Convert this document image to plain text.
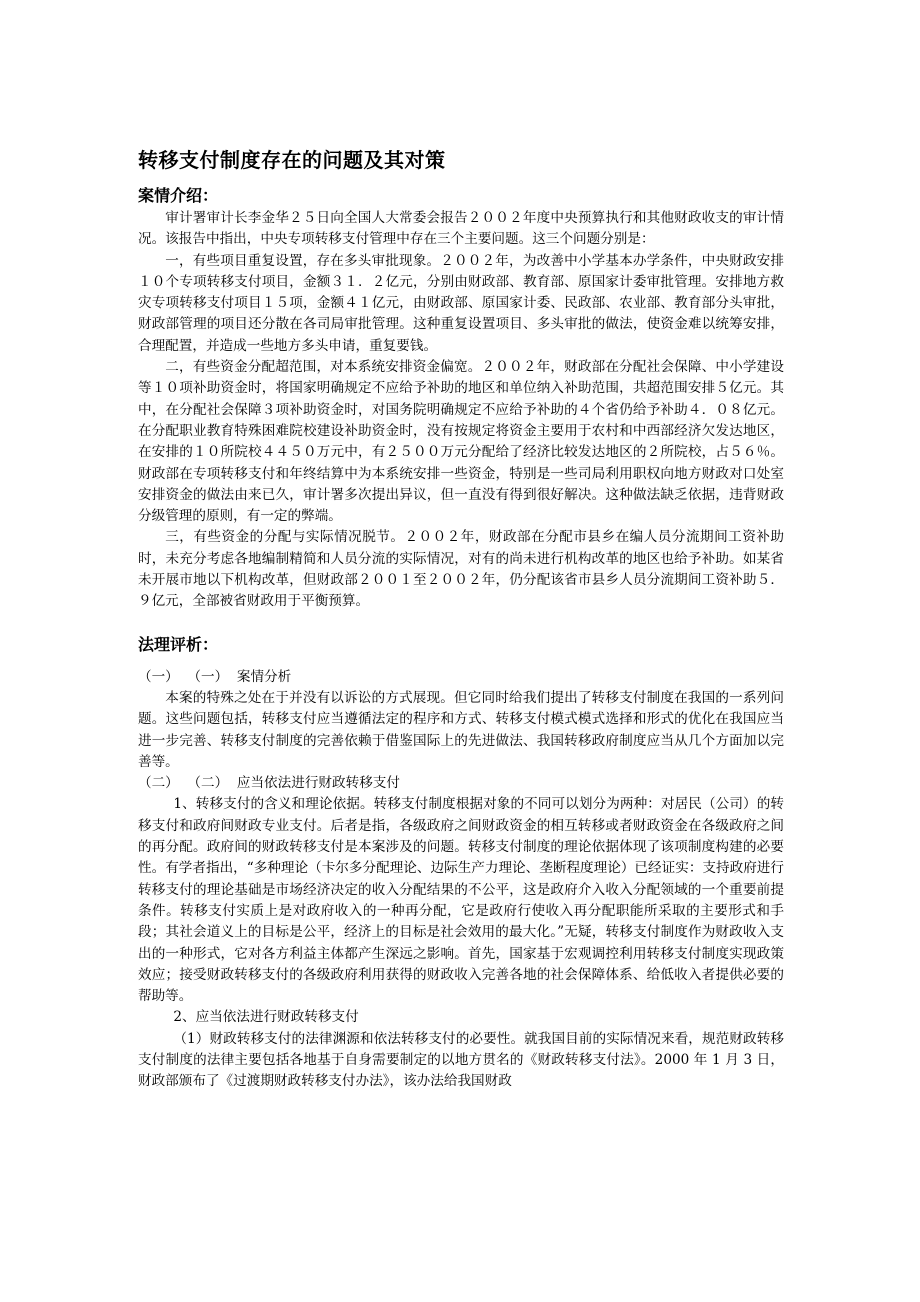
转移支付制度存在的问题及其对策
案情介绍：

审计署审计长李金华２５日向全国人大常委会报告２００２年度中央预算执行和其他财政收支的审计情况。该报告中指出，中央专项转移支付管理中存在三个主要问题。这三个问题分别是：

一，有些项目重复设置，存在多头审批现象。２００２年，为改善中小学基本办学条件，中央财政安排１０个专项转移支付项目，金额３１．２亿元，分别由财政部、教育部、原国家计委审批管理。安排地方救灾专项转移支付项目１５项，金额４１亿元，由财政部、原国家计委、民政部、农业部、教育部分头审批，财政部管理的项目还分散在各司局审批管理。这种重复设置项目、多头审批的做法，使资金难以统筹安排，合理配置，并造成一些地方多头申请，重复要钱。

二，有些资金分配超范围，对本系统安排资金偏宽。２００２年，财政部在分配社会保障、中小学建设等１０项补助资金时，将国家明确规定不应给予补助的地区和单位纳入补助范围，共超范围安排５亿元。其中，在分配社会保障３项补助资金时，对国务院明确规定不应给予补助的４个省仍给予补助４．０８亿元。在分配职业教育特殊困难院校建设补助资金时，没有按规定将资金主要用于农村和中西部经济欠发达地区，在安排的１０所院校４４５０万元中，有２５００万元分配给了经济比较发达地区的２所院校，占５６％。 财政部在专项转移支付和年终结算中为本系统安排一些资金，特别是一些司局利用职权向地方财政对口处室安排资金的做法由来已久，审计署多次提出异议，但一直没有得到很好解决。这种做法缺乏依据，违背财政分级管理的原则，有一定的弊端。

三，有些资金的分配与实际情况脱节。２００２年，财政部在分配市县乡在编人员分流期间工资补助时，未充分考虑各地编制精简和人员分流的实际情况，对有的尚未进行机构改革的地区也给予补助。如某省未开展市地以下机构改革，但财政部２００１至２００２年，仍分配该省市县乡人员分流期间工资补助５．９亿元，全部被省财政用于平衡预算。

法理评析：

（一）  （一）  案情分析

本案的特殊之处在于并没有以诉讼的方式展现。但它同时给我们提出了转移支付制度在我国的一系列问题。这些问题包括，转移支付应当遵循法定的程序和方式、转移支付模式模式选择和形式的优化在我国应当进一步完善、转移支付制度的完善依赖于借鉴国际上的先进做法、我国转移政府制度应当从几个方面加以完善等。

（二）  （二）  应当依法进行财政转移支付

1、转移支付的含义和理论依据。转移支付制度根据对象的不同可以划分为两种：对居民（公司）的转移支付和政府间财政专业支付。后者是指，各级政府之间财政资金的相互转移或者财政资金在各级政府之间的再分配。政府间的财政转移支付是本案涉及的问题。转移支付制度的理论依据体现了该项制度构建的必要性。有学者指出，“多种理论（卡尔多分配理论、边际生产力理论、垄断程度理论）已经证实：支持政府进行转移支付的理论基础是市场经济决定的收入分配结果的不公平，这是政府介入收入分配领域的一个重要前提条件。转移支付实质上是对政府收入的一种再分配，它是政府行使收入再分配职能所采取的主要形式和手段；其社会道义上的目标是公平，经济上的目标是社会效用的最大化。”无疑，转移支付制度作为财政收入支出的一种形式，它对各方利益主体都产生深远之影响。首先，国家基于宏观调控利用转移支付制度实现政策效应；接受财政转移支付的各级政府利用获得的财政收入完善各地的社会保障体系、给低收入者提供必要的帮助等。

2、应当依法进行财政转移支付

（1）财政转移支付的法律渊源和依法转移支付的必要性。就我国目前的实际情况来看，规范财政转移支付制度的法律主要包括各地基于自身需要制定的以地方贯名的《财政转移支付法》。2000 年 1 月 3 日，财政部颁布了《过渡期财政转移支付办法》，该办法给我国财政
